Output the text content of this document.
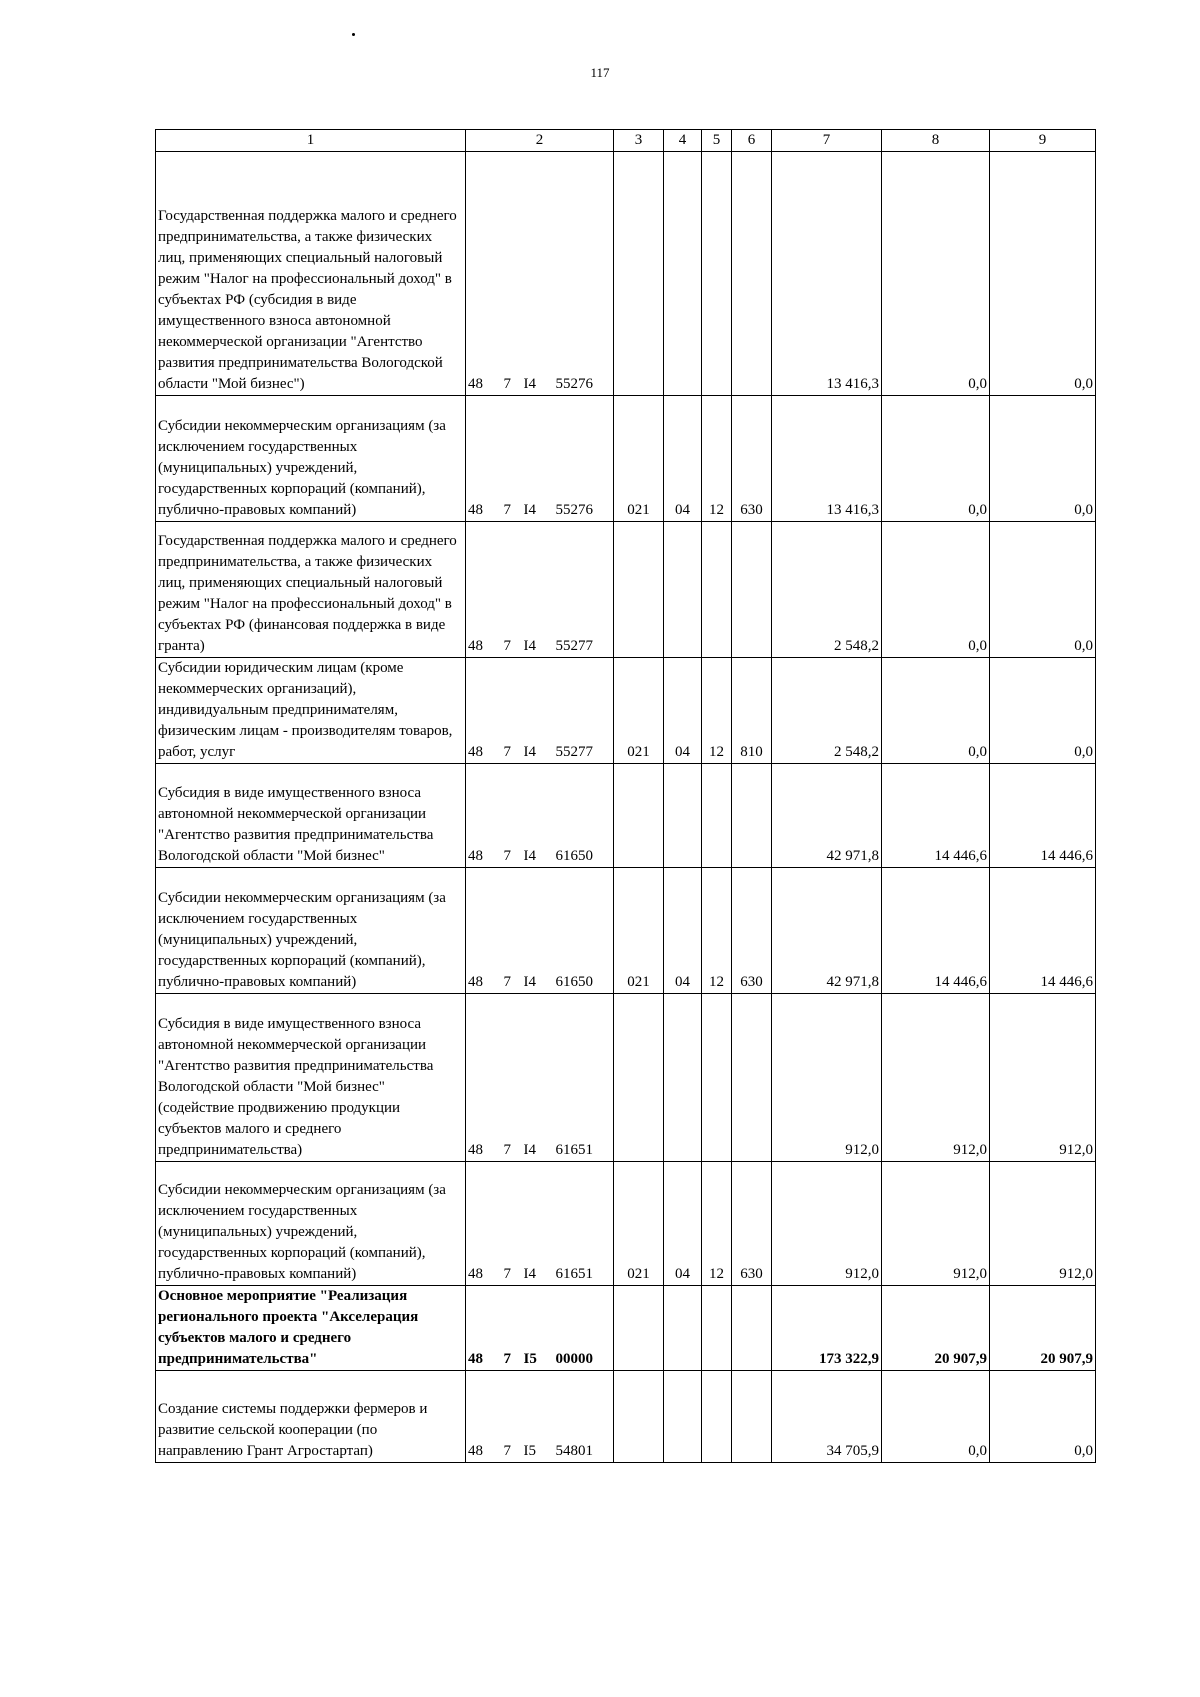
117
1	2				3	4	5	6	7	8	9
Государственная поддержка малого и среднего предпринимательства, а также физических лиц, применяющих специальный налоговый режим "Налог на профессиональный доход" в субъектах РФ (субсидия в виде имущественного взноса автономной некоммерческой организации "Агентство развития предпринимательства Вологодской области "Мой бизнес")	48	7	I4	55276					13 416,3	0,0	0,0
Субсидии некоммерческим организациям (за исключением государственных (муниципальных) учреждений, государственных корпораций (компаний), публично-правовых компаний)	48	7	I4	55276	021	04	12	630	13 416,3	0,0	0,0
Государственная поддержка малого и среднего предпринимательства, а также физических лиц, применяющих специальный налоговый режим "Налог на профессиональный доход" в субъектах РФ (финансовая поддержка в виде гранта)	48	7	I4	55277					2 548,2	0,0	0,0
Субсидии юридическим лицам (кроме некоммерческих организаций), индивидуальным предпринимателям, физическим лицам - производителям товаров, работ, услуг	48	7	I4	55277	021	04	12	810	2 548,2	0,0	0,0
Субсидия в виде имущественного взноса автономной некоммерческой организации "Агентство развития предпринимательства Вологодской области "Мой бизнес"	48	7	I4	61650					42 971,8	14 446,6	14 446,6
Субсидии некоммерческим организациям (за исключением государственных (муниципальных) учреждений, государственных корпораций (компаний), публично-правовых компаний)	48	7	I4	61650	021	04	12	630	42 971,8	14 446,6	14 446,6
Субсидия в виде имущественного взноса автономной некоммерческой организации "Агентство развития предпринимательства Вологодской области "Мой бизнес" (содействие продвижению продукции субъектов малого и среднего предпринимательства)	48	7	I4	61651					912,0	912,0	912,0
Субсидии некоммерческим организациям (за исключением государственных (муниципальных) учреждений, государственных корпораций (компаний), публично-правовых компаний)	48	7	I4	61651	021	04	12	630	912,0	912,0	912,0
Основное мероприятие "Реализация регионального проекта "Акселерация субъектов малого и среднего предпринимательства"	48	7	I5	00000					173 322,9	20 907,9	20 907,9
Создание системы поддержки фермеров и развитие сельской кооперации (по направлению Грант Агростартап)	48	7	I5	54801					34 705,9	0,0	0,0
